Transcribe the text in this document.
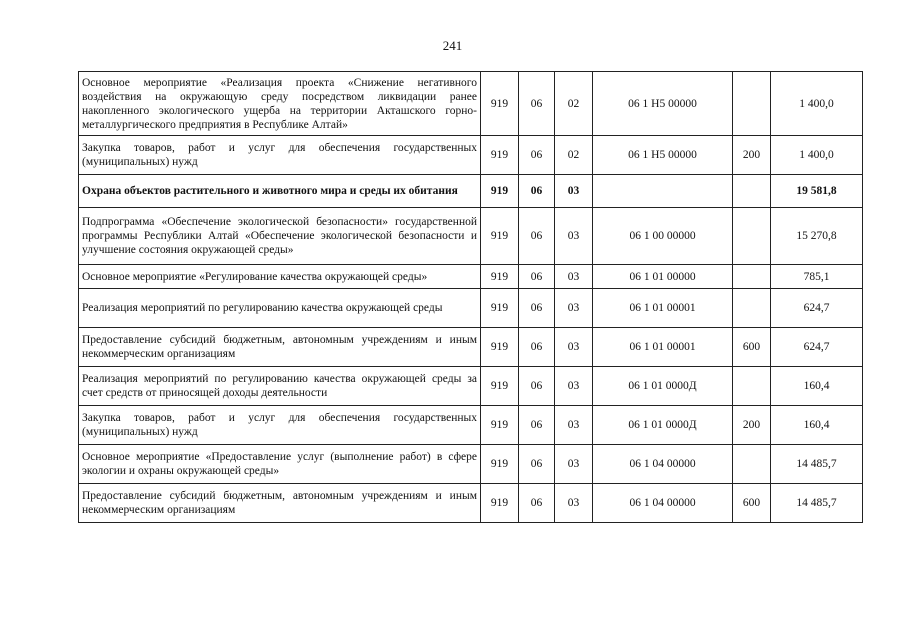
241
Основное мероприятие «Реализация проекта «Снижение негативного воздействия на окружающую среду посредством ликвидации ранее накопленного экологического ущерба на территории Акташского горно-металлургического предприятия в Республике Алтай»	919	06	02	06 1 Н5 00000		1 400,0
Закупка товаров, работ и услуг для обеспечения государственных (муниципальных) нужд	919	06	02	06 1 Н5 00000	200	1 400,0
Охрана объектов растительного и животного мира и среды их обитания	919	06	03			19 581,8
Подпрограмма «Обеспечение экологической безопасности» государственной программы Республики Алтай «Обеспечение экологической безопасности и улучшение состояния окружающей среды»	919	06	03	06 1 00 00000		15 270,8
Основное мероприятие «Регулирование качества окружающей среды»	919	06	03	06 1 01 00000		785,1
Реализация мероприятий по регулированию качества окружающей среды	919	06	03	06 1 01 00001		624,7
Предоставление субсидий бюджетным, автономным учреждениям и иным некоммерческим организациям	919	06	03	06 1 01 00001	600	624,7
Реализация мероприятий по регулированию качества окружающей среды за счет средств от приносящей доходы деятельности	919	06	03	06 1 01 0000Д		160,4
Закупка товаров, работ и услуг для обеспечения государственных (муниципальных) нужд	919	06	03	06 1 01 0000Д	200	160,4
Основное мероприятие «Предоставление услуг (выполнение работ) в сфере экологии и охраны окружающей среды»	919	06	03	06 1 04 00000		14 485,7
Предоставление субсидий бюджетным, автономным учреждениям и иным некоммерческим организациям	919	06	03	06 1 04 00000	600	14 485,7
